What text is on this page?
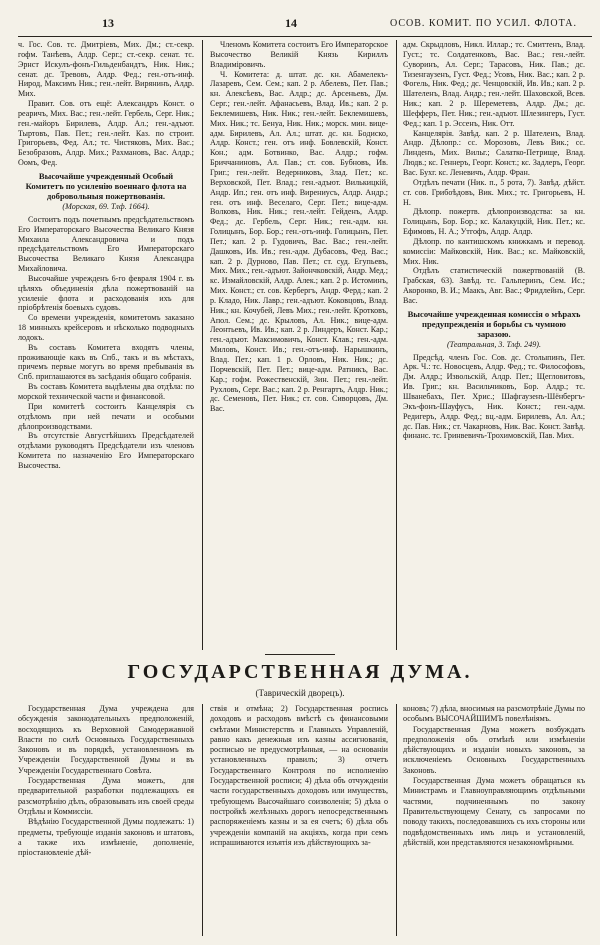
13	14	ОСОВ. КОМИТ. ПО УСИЛ. ФЛОТА.

ч. Гос. Сов. тс. Дмитріевъ, Мих. Дм.; ст.-секр. гофм. Танѣевъ, Алдр. Серг.; ст.-секр. сенат. тс. Эрнст Искулъ-фонъ-Гильденбандтъ, Ник. Ник.; сенат. дс. Тревовъ, Алдр. Фед.; ген.-отъ-инф. Нирод, Максимъ Ник.; ген.-лейт. Вирянинъ, Алдр. Мих.

Правит. Сов. отъ ещё: Александръ Конст. о реаричъ, Мих. Вас.; ген.-лейт. Гербель, Серг. Ник.; ген.-майоръ Бирилевъ, Алдр. Ал.; ген.-адъют. Тыртовъ, Пав. Пет.; ген.-лейт. Каз. по строит. Григорьевъ, Фед. Ал.; тс. Чистяковъ, Мих. Вас.; Безобразовъ, Алдр. Мих.; Рахмановъ, Вас. Алдр.; Оомъ, Фед.

Высочайше учрежденный Особый Комитетъ по усиленію военнаго флота на добровольныя пожертвованія.

(Морская, 69. Тлф. 1664).

Состоитъ подъ почетнымъ предсѣдательствомъ Его Императорскаго Высочества Великаго Князя Михаила Александровича и подъ предсѣдательствомъ Его Императорскаго Высочества Великаго Князя Александра Михайловича.

Высочайше учрежденъ 6-го февраля 1904 г. въ цѣляхъ объединенія дѣла пожертвованій на усиленіе флота и расходованія ихъ для пріобрѣтенія боевыхъ судовъ.

Со времени учрежденія, комитетомъ заказано 18 минныхъ крейсеровъ и нѣсколько подводныхъ лодокъ.

Въ составъ Комитета входятъ члены, проживающіе какъ въ Спб., такъ и въ мѣстахъ, причемъ первые могутъ во время пребыванія въ Спб. приглашаются въ засѣданія общаго собранія.

Въ составъ Комитета выдѣлены два отдѣла: по морской технической части и финансовой.

При комитетѣ состоитъ Канцелярія съ отдѣломъ при ней печати и особыми дѣлопроизводствами.

Въ отсутствіе Августѣйшихъ Предсѣдателей отдѣлами руководятъ Предсѣдатели изъ членовъ Комитета по назначенію Его Императорскаго Высочества.

Членомъ Комитета состоитъ Его Императорское Высочество Великій Князь Кириллъ Владиміровичъ.

Ч. Комитета: д. штат. дс. кн. Абамелекъ-Лазаревъ, Сем. Сем.; кап. 2 р. Абелевъ, Пет. Пав.; кн. Алексѣевъ, Вас. Алдр.; дс. Арсеньевъ, Дм. Серг.; ген.-лейт. Афанасьевъ, Влад. Ив.; кап. 2 р. Беклемишевъ, Ник. Ник.; ген.-лейт. Беклемишевъ, Мих. Ник.; тс. Бенуа, Ник. Ник.; морск. мин. вице-адм. Бирилевъ, Ал. Ал.; штат. дс. кн. Бодиско, Алдр. Конст.; ген. отъ инф. Бовлевскій, Конст. Кон.; адм. Ботвинко, Вас. Алдр.; гофм. Бриччаниновъ, Ал. Пав.; ст. сов. Бубновъ, Ив. Григ.; ген.-лейт. Ведерниковъ, Злад. Пет.; кс. Верховской, Пет. Влад.; ген.-адъют. Вилькицкій, Андр. Ип.; ген. отъ инф. Вирениусъ, Алдр. Андр.; ген. отъ инф. Веселаго, Серг. Пет.; вице-адм. Волковъ, Ник. Ник.; ген.-лейт. Гейденъ, Алдр. Фед.; дс. Гербель, Серг. Ник.; ген.-адм. кн. Голицынъ, Бор. Бор.; ген.-отъ-инф. Голицынъ, Пет. Пет.; кап. 2 р. Гудовичъ, Вас. Вас.; ген.-лейт. Дашковъ, Ив. Ив.; ген.-адм. Дубасовъ, Фед. Вас.; кап. 2 р. Дурново, Пав. Пет.; ст. суд. Егупьевъ, Мих. Мих.; ген.-адъют. Зайончковскій, Андр. Мед.; кс. Измайловскій, Алдр. Алек.; кап. 2 р. Истоминъ, Мих. Конст.; ст. сов. Кербергъ, Андр. Ферд.; кап. 2 р. Кладо, Ник. Лавр.; ген.-адъют. Коковцовъ, Влад. Ник.; кн. Кочубей, Левъ Мих.; ген.-лейт. Кротковъ, Апол. Сем.; дс. Крыловъ, Ал. Ник.; вице-адм. Леонтьевъ, Ив. Ив.; кап. 2 р. Линдеръ, Конст. Кар.; ген.-адъют. Максимовичъ, Конст. Клав.; ген.-адм. Миловъ, Конст. Ив.; ген.-отъ-инф. Нарышкинъ, Влад. Пет.; кап. 1 р. Орловъ, Ник. Ник.; дс. Порчевскій, Пет. Пет.; вице-адм. Ратникъ, Вас. Кар.; гофм. Рожественскій, Зин. Пет.; ген.-лейт. Рухловъ, Серг. Вас.; кап. 2 р. Ренгартъ, Алдр. Ник.; дс. Семеновъ, Пет. Ник.; ст. сов. Сиворцовъ, Дм. Вас.

адм. Скрыдловъ, Никл. Иллар.; тс. Смиттенъ, Влад. Густ.; тс. Солдатенковъ, Вас. Вас.; ген.-лейт. Суворинъ, Ал. Серг.; Тарасовъ, Ник. Пав.; дс. Тизенгаузенъ, Густ. Фед.; Усовъ, Ник. Вас.; кап. 2 р. Фогель, Ник. Фед.; дс. Ченцовскій, Ив. Ив.; кап. 2 р. Шателенъ, Влад. Андр.; ген.-лейт. Шаховской, Всев. Ник.; кап. 2 р. Шереметевъ, Алдр. Дм.; дс. Шефферъ, Пет. Ник.; ген.-адъют. Шлезингеръ, Густ. Фед.; кап. 1 р. Эссенъ, Ник. Отт.

Канцелярія. Завѣд. кап. 2 р. Шателенъ, Влад. Андр. Дѣлопр.: сс. Морозовъ, Левъ Вик.; сс. Линденъ, Мих. Вильг.; Салатко-Петрище, Влад. Людв.; кс. Геннеръ, Георг. Конст.; кс. Задлеръ, Георг. Вас. Бухг. кс. Леневичъ, Алдр. Фран.

Отдѣлъ печати (Ник. п., 5 рота, 7). Завѣд. дѣйст. ст. сов. Грибоѣдовъ, Вик. Мих.; тс. Григорьевъ, Н. Н.

Дѣлопр. пожертв. дѣлопроизводства: за кн. Голицынъ, Бор. Бор.; кс. Калакуцкій, Ник. Пет.; кс. Ефимовъ, Н. А.; Утгофъ, Алдр. Алдр.

Дѣлопр. по кантишскомъ книжкамъ и перевод. комиссіи: Майковскій, Ник. Вас.; кс. Майковскій, Мих. Ник.

Отдѣлъ статистическій пожертвованій (В. Грабская, 63). Завѣд. тс. Гальперинъ, Сем. Ис.; Акоронко, В. И.; Маакъ, Авг. Вас.; Фридлейнъ, Серг. Вас.

Высочайше учрежденная комиссія о мѣрахъ предупрежденія и борьбы съ чумною заразою.

(Театральная, 3. Тлф. 249).

Предсѣд. членъ Гос. Сов. дс. Столыпинъ, Пет. Арк. Ч.: тс. Новосцевъ, Алдр. Фед.; тс. Философовъ, Дм. Алдр.; Извольскій, Алдр. Пет.; Щегловитовъ, Ив. Григ.; кн. Васильчиковъ, Бор. Алдр.; тс. Шванебахъ, Пет. Хрис.; Шафгаузенъ-Шёнбергъ-Экъ-фонъ-Шауфусъ, Ник. Конст.; ген.-адм. Редигеръ, Алдр. Фед.; вц.-адм. Бирилевъ, Ал. Ал.; дс. Пав. Ник.; ст. Чакарновъ, Ник. Вас. Конст. Завѣд. финанс. тс. Гринвевичъ-Трохимовскій, Пав. Мих.

ГОСУДАРСТВЕННАЯ ДУМА.
(Таврическій дворецъ).

Государственная Дума учреждена для обсужденія законодательныхъ предположеній, восходящихъ къ Верховной Самодержавной Власти по силѣ Основныхъ Государственныхъ Законовъ и въ порядкѣ, установленномъ въ Учрежденіи Государственной Думы и въ Учрежденіи Государственнаго Совѣта.

Государственная Дума можетъ, для предварительной разработки подлежащихъ ея разсмотрѣнію дѣлъ, образовывать изъ своей среды Отдѣлы и Коммиссіи.

Вѣдѣнію Государственной Думы подлежатъ: 1) предметы, требующіе изданія законовъ и штатовъ, а также ихъ измѣненіе, дополненіе, пріостановленіе дѣй-

ствія и отмѣна; 2) Государственная роспись доходовъ и расходовъ вмѣстѣ съ финансовыми смѣтами Министерствъ и Главныхъ Управленій, равно какъ денежныя изъ казны ассигнованія, росписью не предусмотрѣнныя, — на основаніи установленныхъ правилъ; 3) отчетъ Государственнаго Контроля по исполненію Государственной росписи; 4) дѣла объ отчужденіи части государственныхъ доходовъ или имуществъ, требующемъ Высочайшаго соизволенія; 5) дѣла о постройкѣ желѣзныхъ дорогъ непосредственнымъ распоряженіемъ казны и за ея счетъ; 6) дѣла объ учрежденіи компаній на акціяхъ, когда при семъ испрашиваются изъятія изъ дѣйствующихъ за-

коновъ; 7) дѣла, вносимыя на разсмотрѣніе Думы по особымъ ВЫСОЧАЙШИМЪ повелѣніямъ.

Государственная Дума можетъ возбуждать предположенія объ отмѣнѣ или измѣненіи дѣйствующихъ и изданіи новыхъ законовъ, за исключеніемъ Основныхъ Государственныхъ Законовъ.

Государственная Дума можетъ обращаться къ Министрамъ и Главноуправляющимъ отдѣльными частями, подчиненнымъ по закону Правительствующему Сенату, съ запросами по поводу такихъ, последовавшихъ съ ихъ стороны или подвѣдомственныхъ имъ лицъ и установленій, дѣйствій, кои представляются незакономѣрными.
